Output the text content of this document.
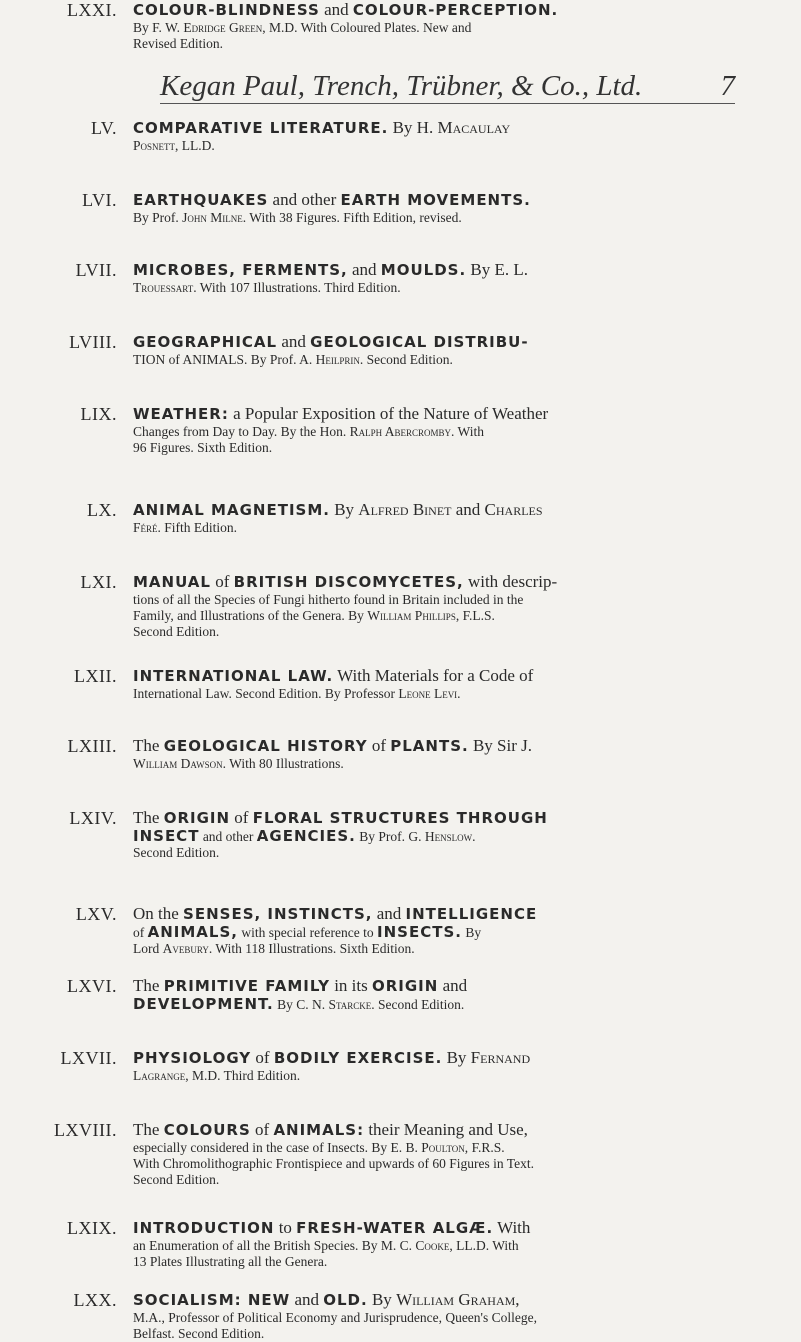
Kegan Paul, Trench, Trübner, & Co., Ltd.	7
LV. COMPARATIVE LITERATURE. By H. Macaulay
Posnett, LL.D.
LVI. EARTHQUAKES and other EARTH MOVEMENTS.
By Prof. John Milne. With 38 Figures. Fifth Edition, revised.
LVII. MICROBES, FERMENTS, and MOULDS. By E. L.
Trouessart. With 107 Illustrations. Third Edition.
LVIII. GEOGRAPHICAL and GEOLOGICAL DISTRIBU-
TION of ANIMALS. By Prof. A. Heilprin. Second Edition.
LIX. WEATHER: a Popular Exposition of the Nature of Weather
Changes from Day to Day. By the Hon. Ralph Abercromby. With
96 Figures. Sixth Edition.
LX. ANIMAL MAGNETISM. By Alfred Binet and Charles
Féré. Fifth Edition.
LXI. MANUAL of BRITISH DISCOMYCETES, with descrip-
tions of all the Species of Fungi hitherto found in Britain included in the
Family, and Illustrations of the Genera. By William Phillips, F.L.S.
Second Edition.
LXII. INTERNATIONAL LAW. With Materials for a Code of
International Law. Second Edition. By Professor Leone Levi.
LXIII. The GEOLOGICAL HISTORY of PLANTS. By Sir J.
William Dawson. With 80 Illustrations.
LXIV. The ORIGIN of FLORAL STRUCTURES THROUGH
INSECT and other AGENCIES. By Prof. G. Henslow.
Second Edition.
LXV. On the SENSES, INSTINCTS, and INTELLIGENCE
of ANIMALS, with special reference to INSECTS. By
Lord Avebury. With 118 Illustrations. Sixth Edition.
LXVI. The PRIMITIVE FAMILY in its ORIGIN and
DEVELOPMENT. By C. N. Starcke. Second Edition.
LXVII. PHYSIOLOGY of BODILY EXERCISE. By Fernand
Lagrange, M.D. Third Edition.
LXVIII. The COLOURS of ANIMALS: their Meaning and Use,
especially considered in the case of Insects. By E. B. Poulton, F.R.S.
With Chromolithographic Frontispiece and upwards of 60 Figures in Text.
Second Edition.
LXIX. INTRODUCTION to FRESH-WATER ALGÆ. With
an Enumeration of all the British Species. By M. C. Cooke, LL.D. With
13 Plates Illustrating all the Genera.
LXX. SOCIALISM: NEW and OLD. By William Graham,
M.A., Professor of Political Economy and Jurisprudence, Queen's College,
Belfast. Second Edition.
LXXI. COLOUR-BLINDNESS and COLOUR-PERCEPTION.
By F. W. Edridge Green, M.D. With Coloured Plates. New and
Revised Edition.
